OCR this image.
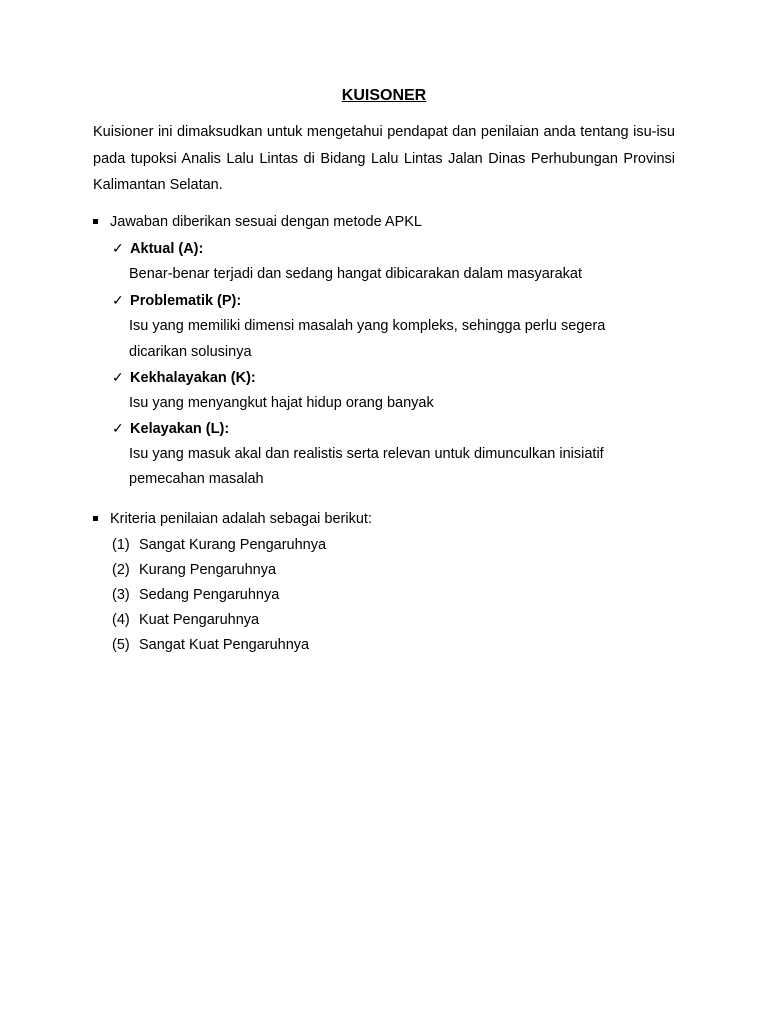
KUISONER

Kuisioner ini dimaksudkan untuk mengetahui pendapat dan penilaian anda tentang isu-isu pada tupoksi Analis Lalu Lintas di Bidang Lalu Lintas Jalan Dinas Perhubungan Provinsi Kalimantan Selatan.

Jawaban diberikan sesuai dengan metode APKL
✓ Aktual (A):
Benar-benar terjadi dan sedang hangat dibicarakan dalam masyarakat
✓ Problematik (P):
Isu yang memiliki dimensi masalah yang kompleks, sehingga perlu segera
dicarikan solusinya
✓ Kekhalayakan (K):
Isu yang menyangkut hajat hidup orang banyak
✓ Kelayakan (L):
Isu yang masuk akal dan realistis serta relevan untuk dimunculkan inisiatif
pemecahan masalah
Kriteria penilaian adalah sebagai berikut:
(1) Sangat Kurang Pengaruhnya
(2) Kurang Pengaruhnya
(3) Sedang Pengaruhnya
(4) Kuat Pengaruhnya
(5) Sangat Kuat Pengaruhnya
